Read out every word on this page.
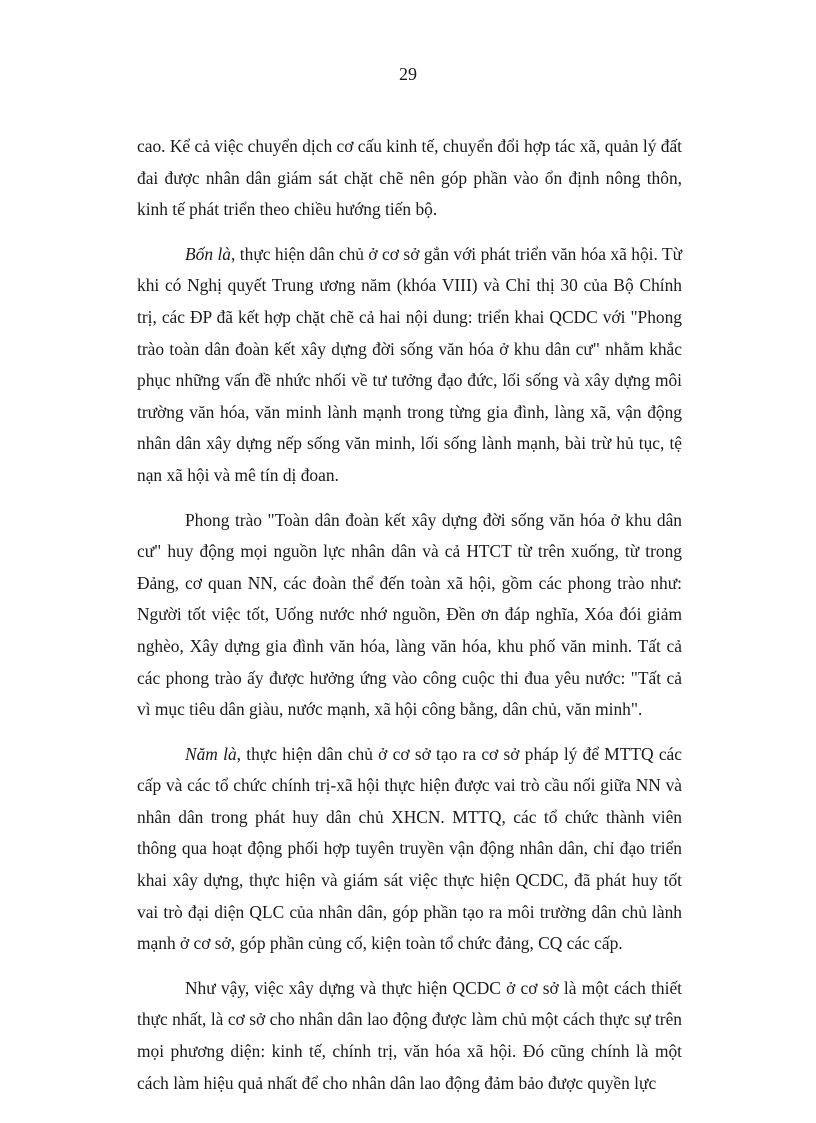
29

cao. Kể cả việc chuyển dịch cơ cấu kinh tế, chuyển đổi hợp tác xã, quản lý đất đai được nhân dân giám sát chặt chẽ nên góp phần vào ổn định nông thôn, kinh tế phát triển theo chiều hướng tiến bộ.

Bốn là, thực hiện dân chủ ở cơ sở gắn với phát triển văn hóa xã hội. Từ khi có Nghị quyết Trung ương năm (khóa VIII) và Chỉ thị 30 của Bộ Chính trị, các ĐP đã kết hợp chặt chẽ cả hai nội dung: triển khai QCDC với "Phong trào toàn dân đoàn kết xây dựng đời sống văn hóa ở khu dân cư" nhằm khắc phục những vấn đề nhức nhối về tư tưởng đạo đức, lối sống và xây dựng môi trường văn hóa, văn minh lành mạnh trong từng gia đình, làng xã, vận động nhân dân xây dựng nếp sống văn minh, lối sống lành mạnh, bài trừ hủ tục, tệ nạn xã hội và mê tín dị đoan.

Phong trào "Toàn dân đoàn kết xây dựng đời sống văn hóa ở khu dân cư" huy động mọi nguồn lực nhân dân và cả HTCT từ trên xuống, từ trong Đảng, cơ quan NN, các đoàn thể đến toàn xã hội, gồm các phong trào như: Người tốt việc tốt, Uống nước nhớ nguồn, Đền ơn đáp nghĩa, Xóa đói giảm nghèo, Xây dựng gia đình văn hóa, làng văn hóa, khu phố văn minh. Tất cả các phong trào ấy được hưởng ứng vào công cuộc thi đua yêu nước: "Tất cả vì mục tiêu dân giàu, nước mạnh, xã hội công bằng, dân chủ, văn minh".

Năm là, thực hiện dân chủ ở cơ sở tạo ra cơ sở pháp lý để MTTQ các cấp và các tổ chức chính trị-xã hội thực hiện được vai trò cầu nối giữa NN và nhân dân trong phát huy dân chủ XHCN. MTTQ, các tổ chức thành viên thông qua hoạt động phối hợp tuyên truyền vận động nhân dân, chỉ đạo triển khai xây dựng, thực hiện và giám sát việc thực hiện QCDC, đã phát huy tốt vai trò đại diện QLC của nhân dân, góp phần tạo ra môi trường dân chủ lành mạnh ở cơ sở, góp phần củng cố, kiện toàn tổ chức đảng, CQ các cấp.

Như vậy, việc xây dựng và thực hiện QCDC ở cơ sở là một cách thiết thực nhất, là cơ sở cho nhân dân lao động được làm chủ một cách thực sự trên mọi phương diện: kinh tế, chính trị, văn hóa xã hội. Đó cũng chính là một cách làm hiệu quả nhất để cho nhân dân lao động đảm bảo được quyền lực
